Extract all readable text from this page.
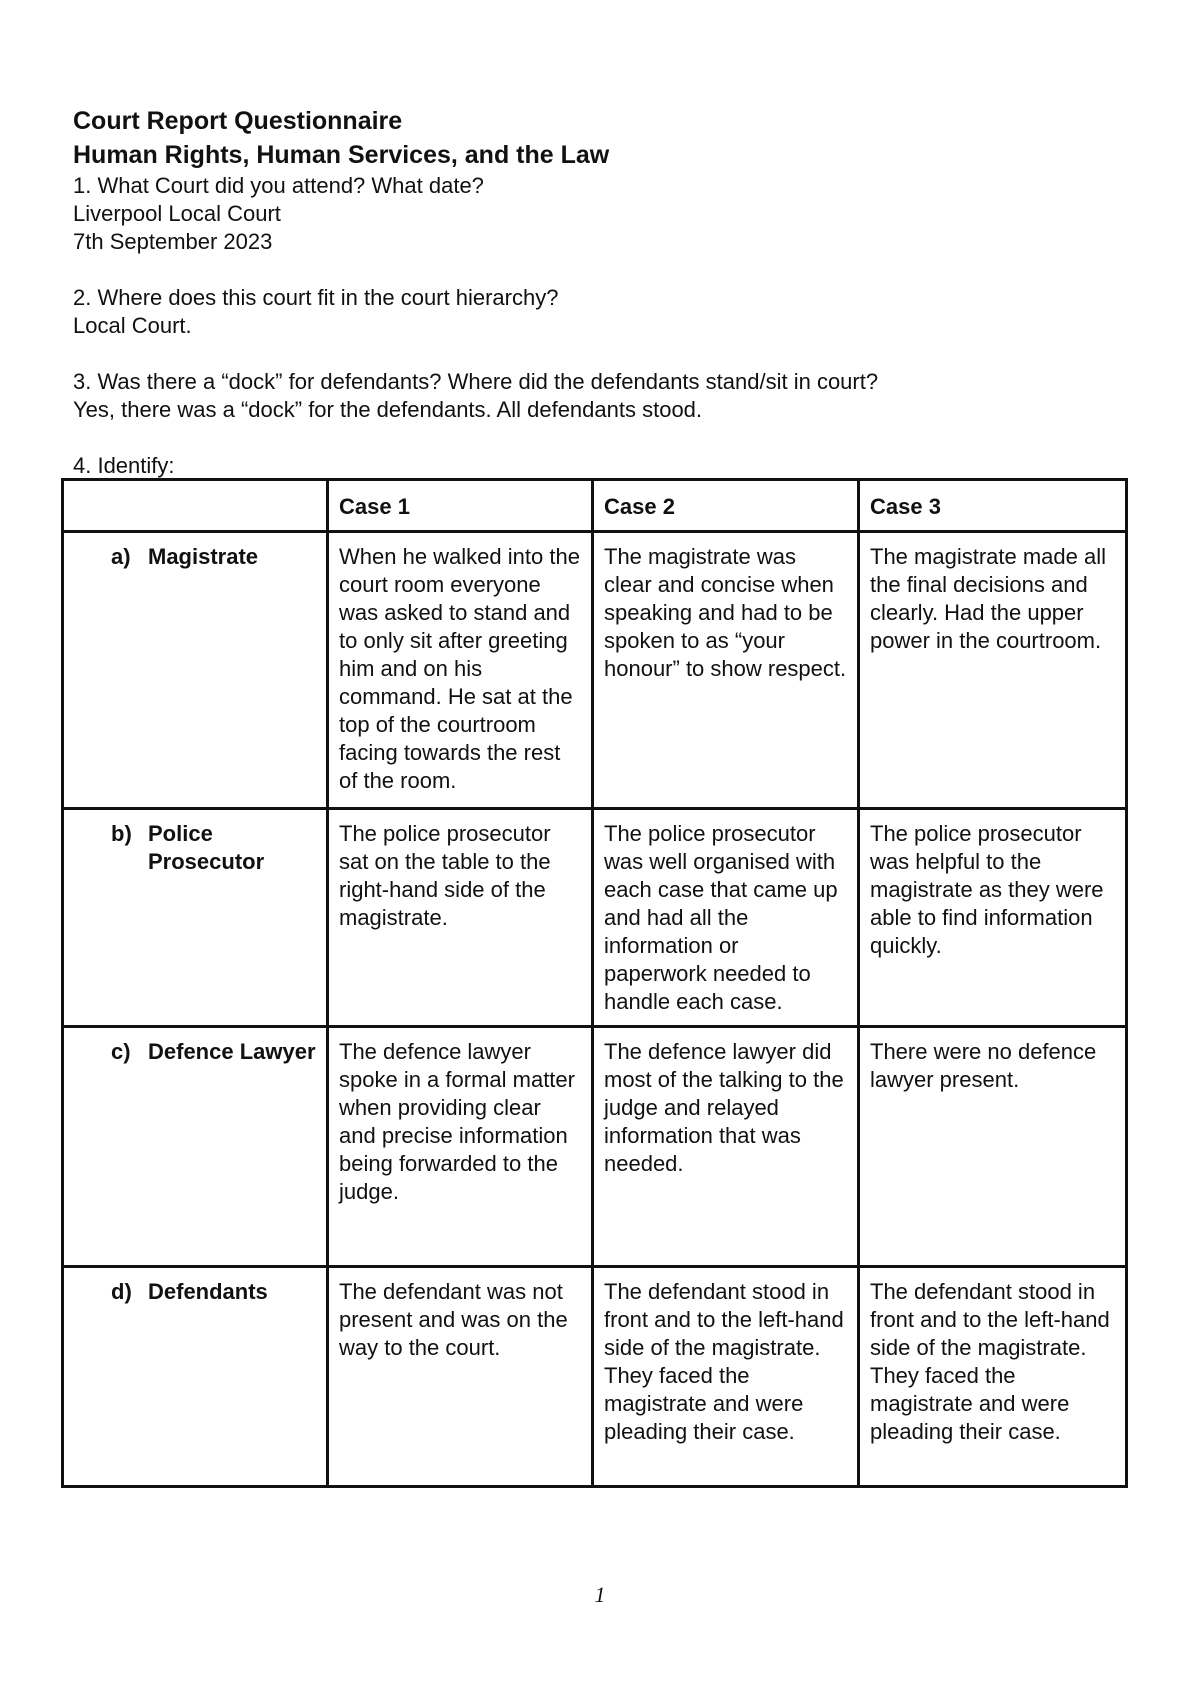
Court Report Questionnaire

Human Rights, Human Services, and the Law

1. What Court did you attend? What date?

Liverpool Local Court

7th September 2023

2. Where does this court fit in the court hierarchy?

Local Court.

3. Was there a “dock” for defendants? Where did the defendants stand/sit in court?

Yes, there was a “dock” for the defendants. All defendants stood.

4. Identify:

	Case 1	Case 2	Case 3

a) Magistrate	When he walked into the court room everyone was asked to stand and to only sit after greeting him and on his command. He sat at the top of the courtroom facing towards the rest of the room.	The magistrate was clear and concise when speaking and had to be spoken to as “your honour” to show respect.	The magistrate made all the final decisions and clearly. Had the upper power in the courtroom.

b) Police Prosecutor	The police prosecutor sat on the table to the right-hand side of the magistrate.	The police prosecutor was well organised with each case that came up and had all the information or paperwork needed to handle each case.	The police prosecutor was helpful to the magistrate as they were able to find information quickly.

c) Defence Lawyer	The defence lawyer spoke in a formal matter when providing clear and precise information being forwarded to the judge.	The defence lawyer did most of the talking to the judge and relayed information that was needed.	There were no defence lawyer present.

d) Defendants	The defendant was not present and was on the way to the court.	The defendant stood in front and to the left-hand side of the magistrate. They faced the magistrate and were pleading their case.	The defendant stood in front and to the left-hand side of the magistrate. They faced the magistrate and were pleading their case.
1
